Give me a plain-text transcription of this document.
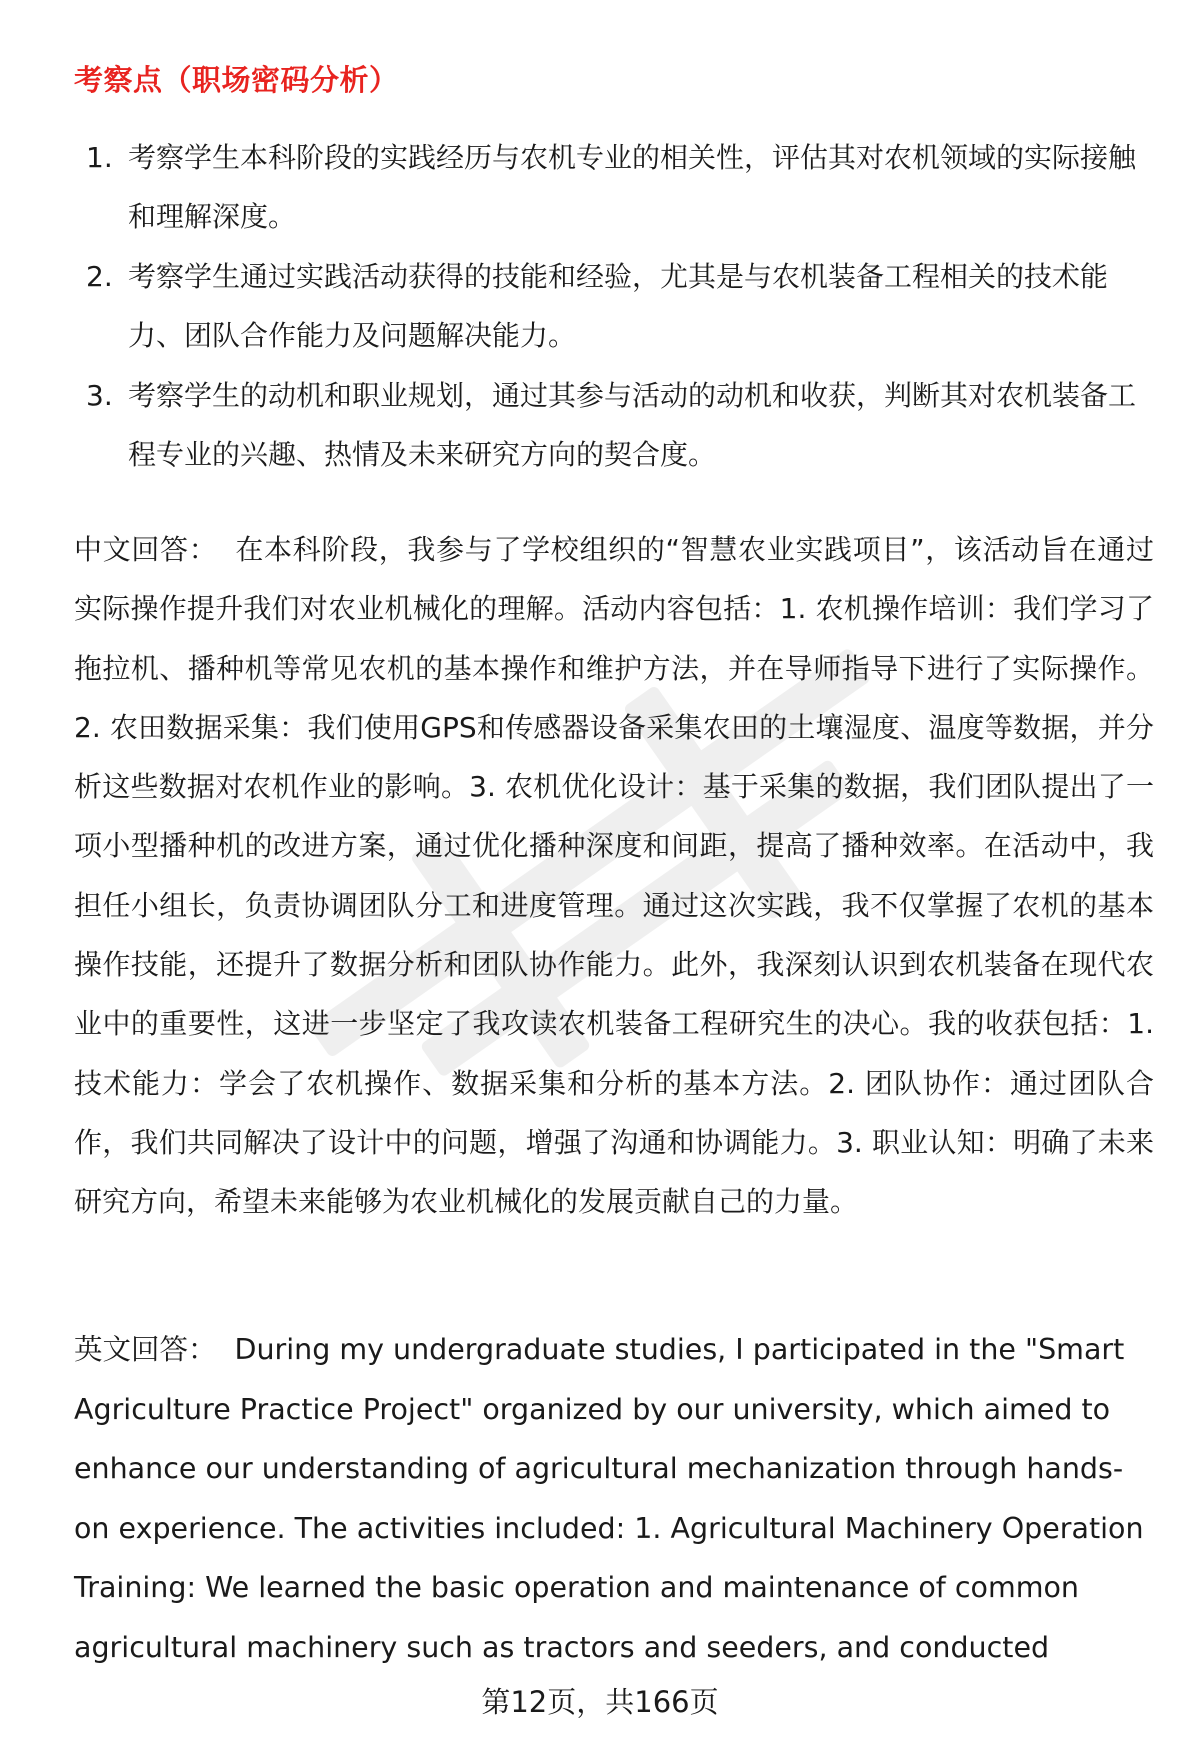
考察点（职场密码分析）
1. 考察学生本科阶段的实践经历与农机专业的相关性，评估其对农机领域的实际接触和理解深度。
2. 考察学生通过实践活动获得的技能和经验，尤其是与农机装备工程相关的技术能力、团队合作能力及问题解决能力。
3. 考察学生的动机和职业规划，通过其参与活动的动机和收获，判断其对农机装备工程专业的兴趣、热情及未来研究方向的契合度。

中文回答： 在本科阶段，我参与了学校组织的“智慧农业实践项目”，该活动旨在通过实际操作提升我们对农业机械化的理解。活动内容包括：1. 农机操作培训：我们学习了拖拉机、播种机等常见农机的基本操作和维护方法，并在导师指导下进行了实际操作。2. 农田数据采集：我们使用GPS和传感器设备采集农田的土壤湿度、温度等数据，并分析这些数据对农机作业的影响。3. 农机优化设计：基于采集的数据，我们团队提出了一项小型播种机的改进方案，通过优化播种深度和间距，提高了播种效率。在活动中，我担任小组长，负责协调团队分工和进度管理。通过这次实践，我不仅掌握了农机的基本操作技能，还提升了数据分析和团队协作能力。此外，我深刻认识到农机装备在现代农业中的重要性，这进一步坚定了我攻读农机装备工程研究生的决心。我的收获包括：1. 技术能力：学会了农机操作、数据采集和分析的基本方法。2. 团队协作：通过团队合作，我们共同解决了设计中的问题，增强了沟通和协调能力。3. 职业认知：明确了未来研究方向，希望未来能够为农业机械化的发展贡献自己的力量。

英文回答： During my undergraduate studies, I participated in the "Smart Agriculture Practice Project" organized by our university, which aimed to enhance our understanding of agricultural mechanization through hands-on experience. The activities included: 1. Agricultural Machinery Operation Training: We learned the basic operation and maintenance of common agricultural machinery such as tractors and seeders, and conducted

第12页，共166页
